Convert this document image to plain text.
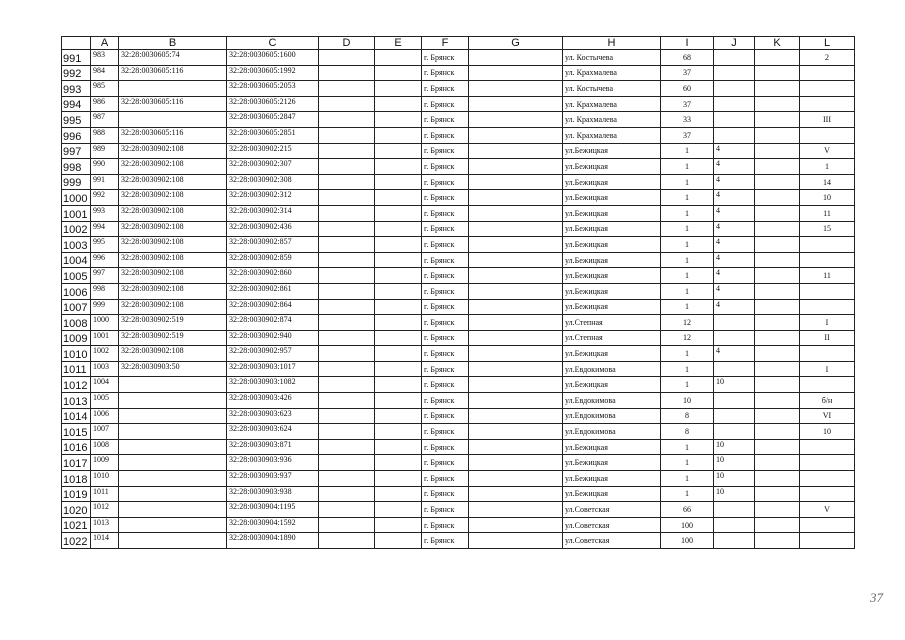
	A	B	C	D	E	F	G	H	I	J	K	L
991	983	32:28:0030605:74	32:28:0030605:1600			г. Брянск		ул. Костычева	68			2
992	984	32:28:0030605:116	32:28:0030605:1992			г. Брянск		ул. Крахмалева	37			
993	985		32:28:0030605:2053			г. Брянск		ул. Костычева	60			
994	986	32:28:0030605:116	32:28:0030605:2126			г. Брянск		ул. Крахмалева	37			
995	987		32:28:0030605:2847			г. Брянск		ул. Крахмалева	33			III
996	988	32:28:0030605:116	32:28:0030605:2851			г. Брянск		ул. Крахмалева	37			
997	989	32:28:0030902:108	32:28:0030902:215			г. Брянск		ул.Бежицкая	1	4		V
998	990	32:28:0030902:108	32:28:0030902:307			г. Брянск		ул.Бежицкая	1	4		1
999	991	32:28:0030902:108	32:28:0030902:308			г. Брянск		ул.Бежицкая	1	4		14
1000	992	32:28:0030902:108	32:28:0030902:312			г. Брянск		ул.Бежицкая	1	4		10
1001	993	32:28:0030902:108	32:28:0030902:314			г. Брянск		ул.Бежицкая	1	4		11
1002	994	32:28:0030902:108	32:28:0030902:436			г. Брянск		ул.Бежицкая	1	4		15
1003	995	32:28:0030902:108	32:28:0030902:857			г. Брянск		ул.Бежицкая	1	4		
1004	996	32:28:0030902:108	32:28:0030902:859			г. Брянск		ул.Бежицкая	1	4		
1005	997	32:28:0030902:108	32:28:0030902:860			г. Брянск		ул.Бежицкая	1	4		11
1006	998	32:28:0030902:108	32:28:0030902:861			г. Брянск		ул.Бежицкая	1	4		
1007	999	32:28:0030902:108	32:28:0030902:864			г. Брянск		ул.Бежицкая	1	4		
1008	1000	32:28:0030902:519	32:28:0030902:874			г. Брянск		ул.Степная	12			I
1009	1001	32:28:0030902:519	32:28:0030902:940			г. Брянск		ул.Степная	12			II
1010	1002	32:28:0030902:108	32:28:0030902:957			г. Брянск		ул.Бежицкая	1	4		
1011	1003	32:28:0030903:50	32:28:0030903:1017			г. Брянск		ул.Евдокимова	1			I
1012	1004		32:28:0030903:1082			г. Брянск		ул.Бежицкая	1	10		
1013	1005		32:28:0030903:426			г. Брянск		ул.Евдокимова	10			б/н
1014	1006		32:28:0030903:623			г. Брянск		ул.Евдокимова	8			VI
1015	1007		32:28:0030903:624			г. Брянск		ул.Евдокимова	8			10
1016	1008		32:28:0030903:871			г. Брянск		ул.Бежицкая	1	10		
1017	1009		32:28:0030903:936			г. Брянск		ул.Бежицкая	1	10		
1018	1010		32:28:0030903:937			г. Брянск		ул.Бежицкая	1	10		
1019	1011		32:28:0030903:938			г. Брянск		ул.Бежицкая	1	10		
1020	1012		32:28:0030904:1195			г. Брянск		ул.Советская	66			V
1021	1013		32:28:0030904:1592			г. Брянск		ул.Советская	100			
1022	1014		32:28:0030904:1890			г. Брянск		ул.Советская	100			
37
